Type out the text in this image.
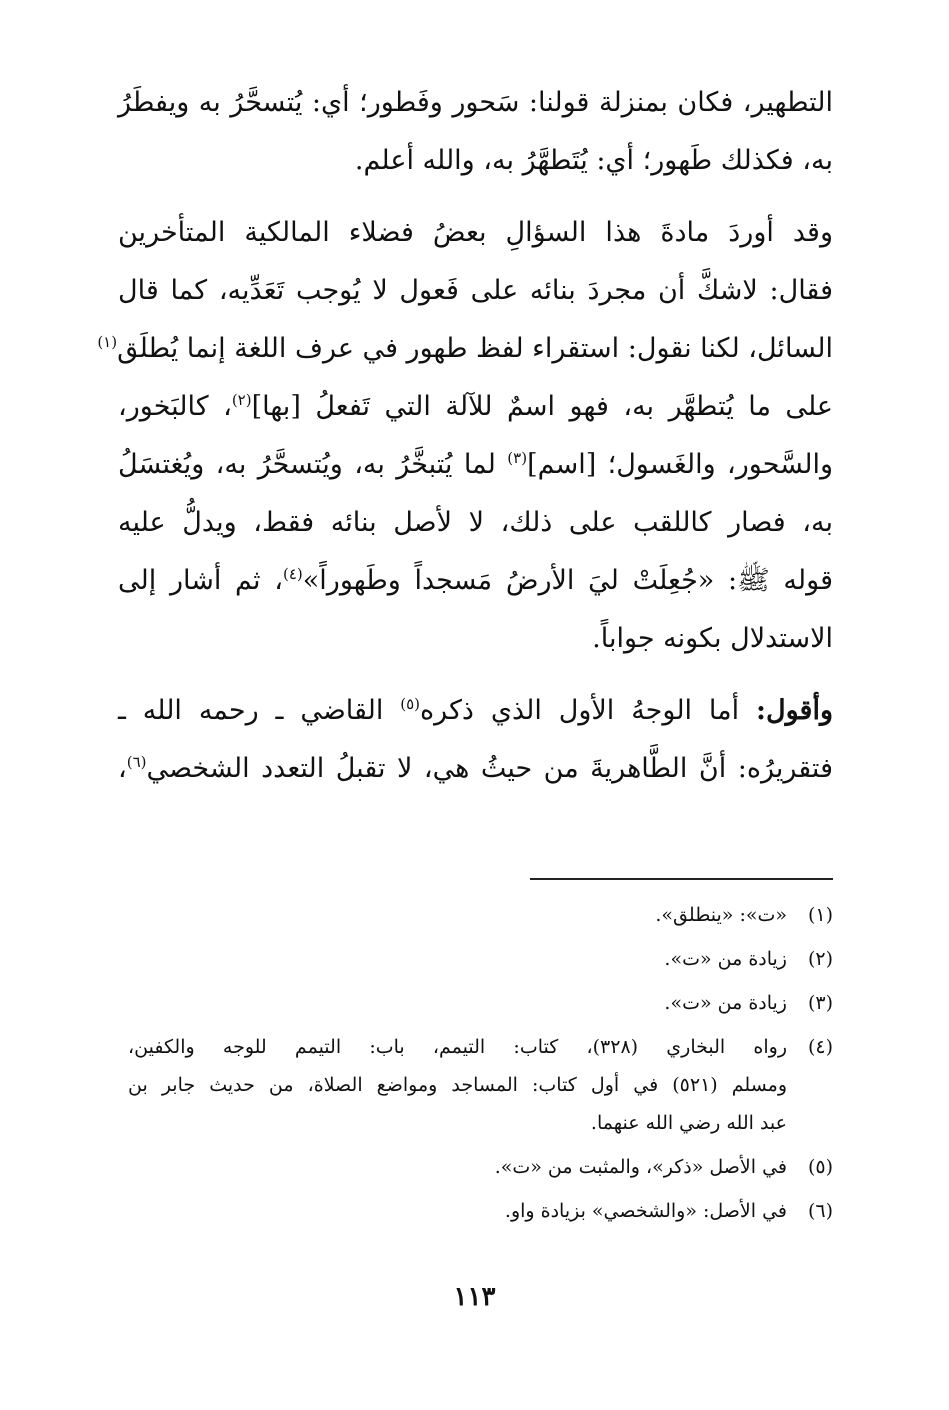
التطهير، فكان بمنزلة قولنا: سَحور وفَطور؛ أي: يُتسحَّرُ به ويفطَرُ
به، فكذلك طَهور؛ أي: يُتَطهَّرُ به، والله أعلم.
وقد أوردَ مادةَ هذا السؤالِ بعضُ فضلاء المالكية المتأخرين
فقال: لاشكَّ أن مجردَ بنائه على فَعول لا يُوجب تَعَدِّيه، كما قال
السائل، لكنا نقول: استقراء لفظ طهور في عرف اللغة إنما يُطلَق$^{(١)}$
على ما يُتطهَّر به، فهو اسمٌ للآلة التي تَفعلُ [بها]$^{(٢)}$، كالبَخور،
والسَّحور، والغَسول؛ [اسم]$^{(٣)}$ لما يُتبخَّرُ به، ويُتسحَّرُ به، ويُغتسَلُ
به، فصار كاللقب على ذلك، لا لأصل بنائه فقط، ويدلُّ عليه
قوله ﷺ: «جُعِلَتْ ليَ الأرضُ مَسجداً وطَهوراً»$^{(٤)}$، ثم أشار إلى
الاستدلال بكونه جواباً.
وأقول: أما الوجهُ الأول الذي ذكره$^{(٥)}$ القاضي ـ رحمه الله ـ
فتقريرُه: أنَّ الطَّاهريةَ من حيثُ هي، لا تقبلُ التعدد الشخصي$^{(٦)}$،
(١)
«ت»: «ينطلق».
(٢)
زيادة من «ت».
(٣)
زيادة من «ت».
(٤)
رواه البخاري (٣٢٨)، كتاب: التيمم، باب: التيمم للوجه والكفين،
ومسلم (٥٢١) في أول كتاب: المساجد ومواضع الصلاة، من حديث جابر بن
عبد الله رضي الله عنهما.
(٥)
في الأصل «ذكر»، والمثبت من «ت».
(٦)
في الأصل: «والشخصي» بزيادة واو.
١١٣
